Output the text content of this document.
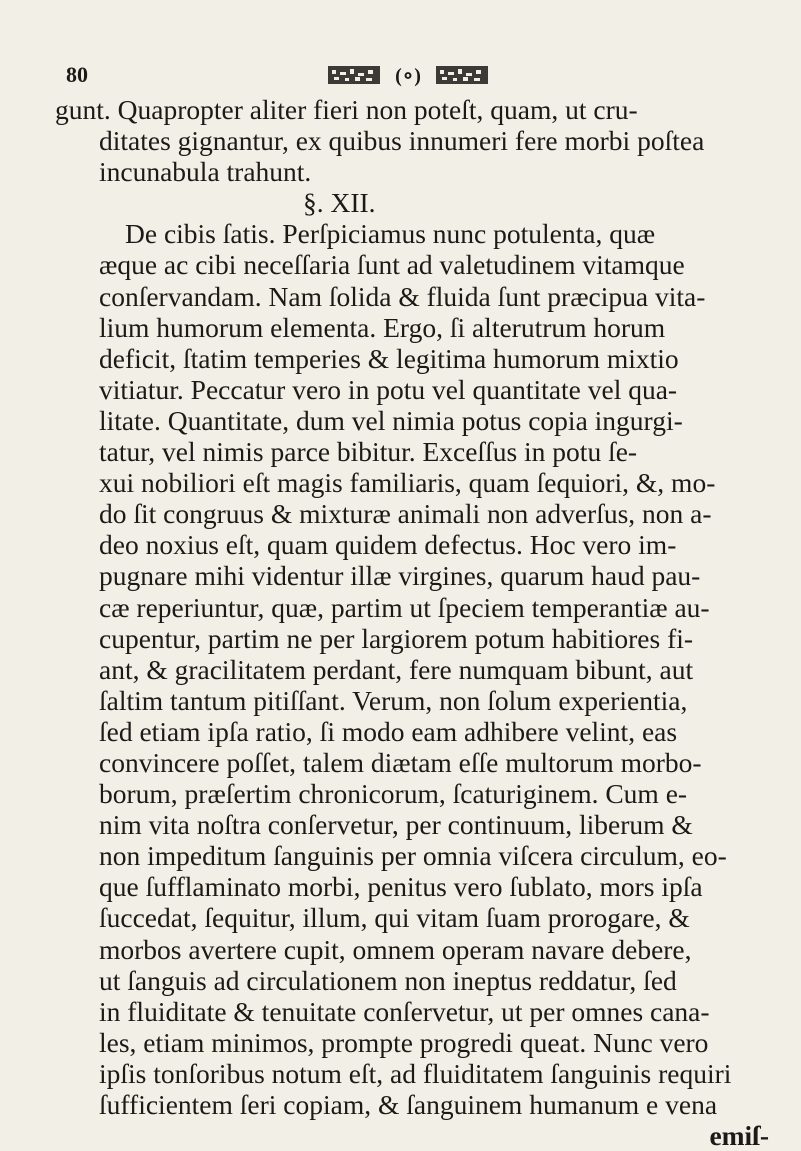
80	(∘)
gunt. Quapropter aliter fieri non poteſt, quam, ut cru-
ditates gignantur, ex quibus innumeri fere morbi poſtea
incunabula trahunt.
§. XII.
De cibis ſatis. Perſpiciamus nunc potulenta, quæ
æque ac cibi neceſſaria ſunt ad valetudinem vitamque
conſervandam. Nam ſolida & fluida ſunt præcipua vita-
lium humorum elementa. Ergo, ſi alterutrum horum
deficit, ſtatim temperies & legitima humorum mixtio
vitiatur. Peccatur vero in potu vel quantitate vel qua-
litate. Quantitate, dum vel nimia potus copia ingurgi-
tatur, vel nimis parce bibitur. Exceſſus in potu ſe-
xui nobiliori eſt magis familiaris, quam ſequiori, &, mo-
do ſit congruus & mixturæ animali non adverſus, non a-
deo noxius eſt, quam quidem defectus. Hoc vero im-
pugnare mihi videntur illæ virgines, quarum haud pau-
cæ reperiuntur, quæ, partim ut ſpeciem temperantiæ au-
cupentur, partim ne per largiorem potum habitiores fi-
ant, & gracilitatem perdant, fere numquam bibunt, aut
ſaltim tantum pitiſſant. Verum, non ſolum experientia,
ſed etiam ipſa ratio, ſi modo eam adhibere velint, eas
convincere poſſet, talem diætam eſſe multorum morbo-
borum, præſertim chronicorum, ſcaturiginem. Cum e-
nim vita noſtra conſervetur, per continuum, liberum &
non impeditum ſanguinis per omnia viſcera circulum, eo-
que ſufflaminato morbi, penitus vero ſublato, mors ipſa
ſuccedat, ſequitur, illum, qui vitam ſuam prorogare, &
morbos avertere cupit, omnem operam navare debere,
ut ſanguis ad circulationem non ineptus reddatur, ſed
in fluiditate & tenuitate conſervetur, ut per omnes cana-
les, etiam minimos, prompte progredi queat. Nunc vero
ipſis tonſoribus notum eſt, ad fluiditatem ſanguinis requiri
ſufficientem ſeri copiam, & ſanguinem humanum e vena
emiſ-
